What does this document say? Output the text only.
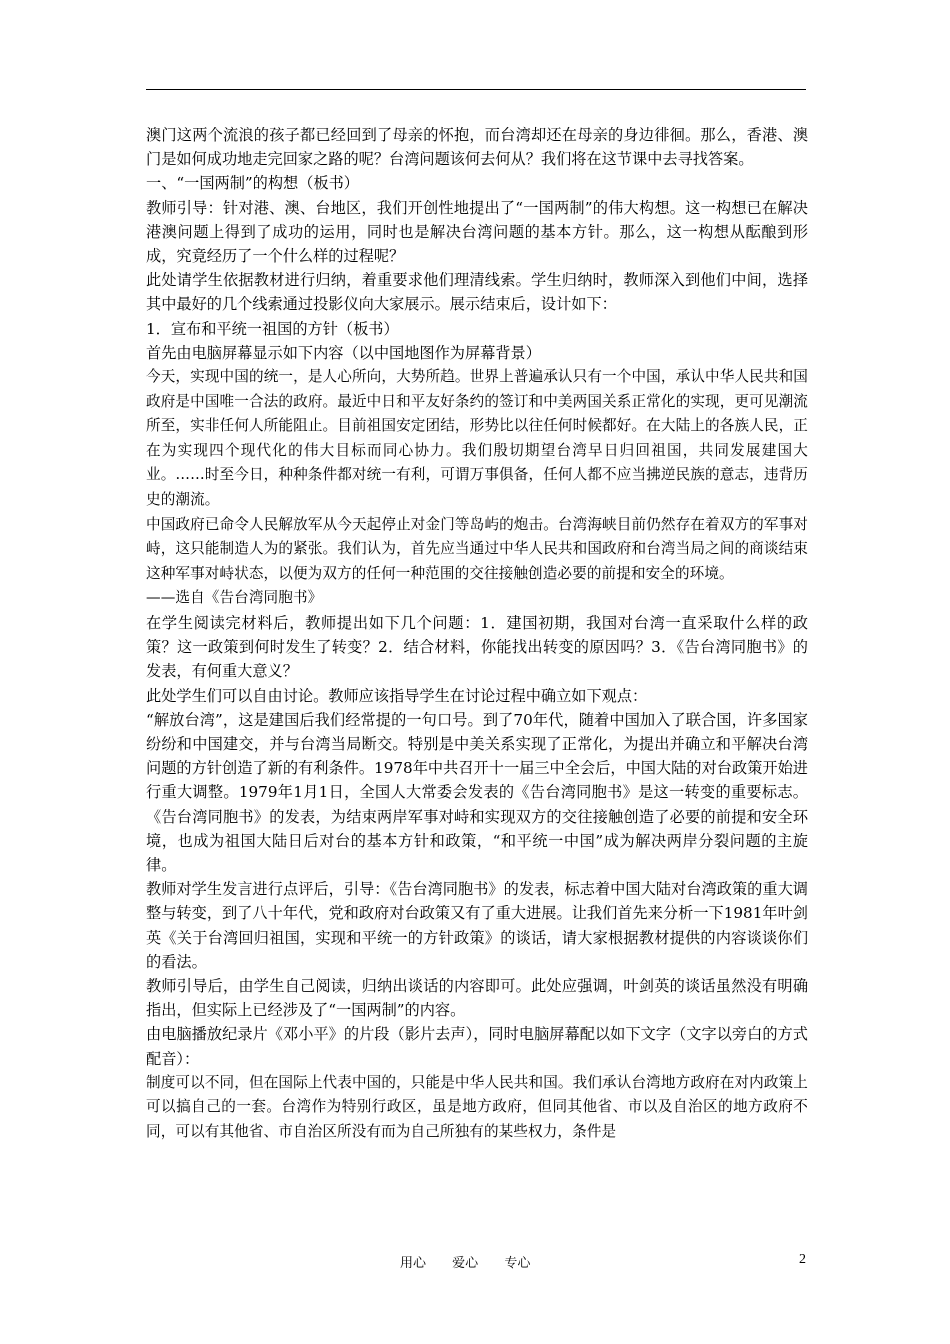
澳门这两个流浪的孩子都已经回到了母亲的怀抱，而台湾却还在母亲的身边徘徊。那么，香港、澳门是如何成功地走完回家之路的呢？台湾问题该何去何从？我们将在这节课中去寻找答案。

一、“一国两制”的构想（板书）

教师引导：针对港、澳、台地区，我们开创性地提出了“一国两制”的伟大构想。这一构想已在解决港澳问题上得到了成功的运用，同时也是解决台湾问题的基本方针。那么，这一构想从酝酿到形成，究竟经历了一个什么样的过程呢？

此处请学生依据教材进行归纳，着重要求他们理清线索。学生归纳时，教师深入到他们中间，选择其中最好的几个线索通过投影仪向大家展示。展示结束后，设计如下：

1．宣布和平统一祖国的方针（板书）

首先由电脑屏幕显示如下内容（以中国地图作为屏幕背景）

今天，实现中国的统一，是人心所向，大势所趋。世界上普遍承认只有一个中国，承认中华人民共和国政府是中国唯一合法的政府。最近中日和平友好条约的签订和中美两国关系正常化的实现，更可见潮流所至，实非任何人所能阻止。目前祖国安定团结，形势比以往任何时候都好。在大陆上的各族人民，正在为实现四个现代化的伟大目标而同心协力。我们殷切期望台湾早日归回祖国，共同发展建国大业。……时至今日，种种条件都对统一有利，可谓万事俱备，任何人都不应当拂逆民族的意志，违背历史的潮流。

中国政府已命令人民解放军从今天起停止对金门等岛屿的炮击。台湾海峡目前仍然存在着双方的军事对峙，这只能制造人为的紧张。我们认为，首先应当通过中华人民共和国政府和台湾当局之间的商谈结束这种军事对峙状态，以便为双方的任何一种范围的交往接触创造必要的前提和安全的环境。

——选自《告台湾同胞书》

在学生阅读完材料后，教师提出如下几个问题：1．建国初期，我国对台湾一直采取什么样的政策？这一政策到何时发生了转变？2．结合材料，你能找出转变的原因吗？3．《告台湾同胞书》的发表，有何重大意义？

此处学生们可以自由讨论。教师应该指导学生在讨论过程中确立如下观点：

“解放台湾”，这是建国后我们经常提的一句口号。到了70年代，随着中国加入了联合国，许多国家纷纷和中国建交，并与台湾当局断交。特别是中美关系实现了正常化，为提出并确立和平解决台湾问题的方针创造了新的有利条件。1978年中共召开十一届三中全会后，中国大陆的对台政策开始进行重大调整。1979年1月1日，全国人大常委会发表的《告台湾同胞书》是这一转变的重要标志。《告台湾同胞书》的发表，为结束两岸军事对峙和实现双方的交往接触创造了必要的前提和安全环境，也成为祖国大陆日后对台的基本方针和政策，“和平统一中国”成为解决两岸分裂问题的主旋律。

教师对学生发言进行点评后，引导：《告台湾同胞书》的发表，标志着中国大陆对台湾政策的重大调整与转变，到了八十年代，党和政府对台政策又有了重大进展。让我们首先来分析一下1981年叶剑英《关于台湾回归祖国，实现和平统一的方针政策》的谈话，请大家根据教材提供的内容谈谈你们的看法。

教师引导后，由学生自己阅读，归纳出谈话的内容即可。此处应强调，叶剑英的谈话虽然没有明确指出，但实际上已经涉及了“一国两制”的内容。

由电脑播放纪录片《邓小平》的片段（影片去声），同时电脑屏幕配以如下文字（文字以旁白的方式配音）：

制度可以不同，但在国际上代表中国的，只能是中华人民共和国。我们承认台湾地方政府在对内政策上可以搞自己的一套。台湾作为特别行政区，虽是地方政府，但同其他省、市以及自治区的地方政府不同，可以有其他省、市自治区所没有而为自己所独有的某些权力，条件是

用心 爱心 专心	2
